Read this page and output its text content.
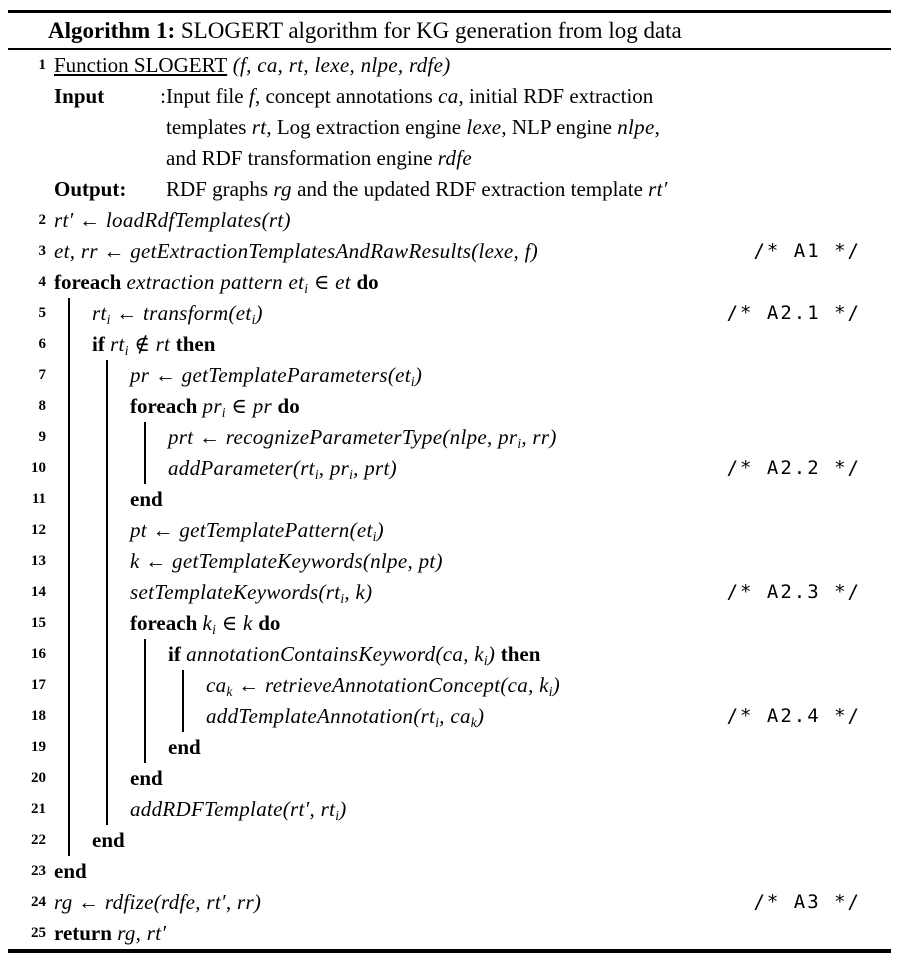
Algorithm 1: SLOGERT algorithm for KG generation from log data
1 Function SLOGERT (f, ca, rt, lexe, nlpe, rdfe)
Input	: Input file f, concept annotations ca, initial RDF extraction
templates rt, Log extraction engine lexe, NLP engine nlpe,
and RDF transformation engine rdfe
Output: RDF graphs rg and the updated RDF extraction template rt′
2 rt′ ← loadRdfTemplates(rt)
3 et, rr ← getExtractionTemplatesAndRawResults(lexe, f)	/* A1 */
4 foreach extraction pattern eti ∈ et do
5	rti ← transform(eti)	/* A2.1 */
6	if rti ∉ rt then
7	pr ← getTemplateParameters(eti)
8	foreach pri ∈ pr do
9	prt ← recognizeParameterType(nlpe, pri, rr)
10	addParameter(rti, pri, prt)	/* A2.2 */
11	end
12	pt ← getTemplatePattern(eti)
13	k ← getTemplateKeywords(nlpe, pt)
14	setTemplateKeywords(rti, k)	/* A2.3 */
15	foreach ki ∈ k do
16	if annotationContainsKeyword(ca, ki) then
17	cak ← retrieveAnnotationConcept(ca, ki)
18	addTemplateAnnotation(rti, cak)	/* A2.4 */
19	end
20	end
21	addRDFTemplate(rt′, rti)
22	end
23 end
24 rg ← rdfize(rdfe, rt′, rr)	/* A3 */
25 return rg, rt′
